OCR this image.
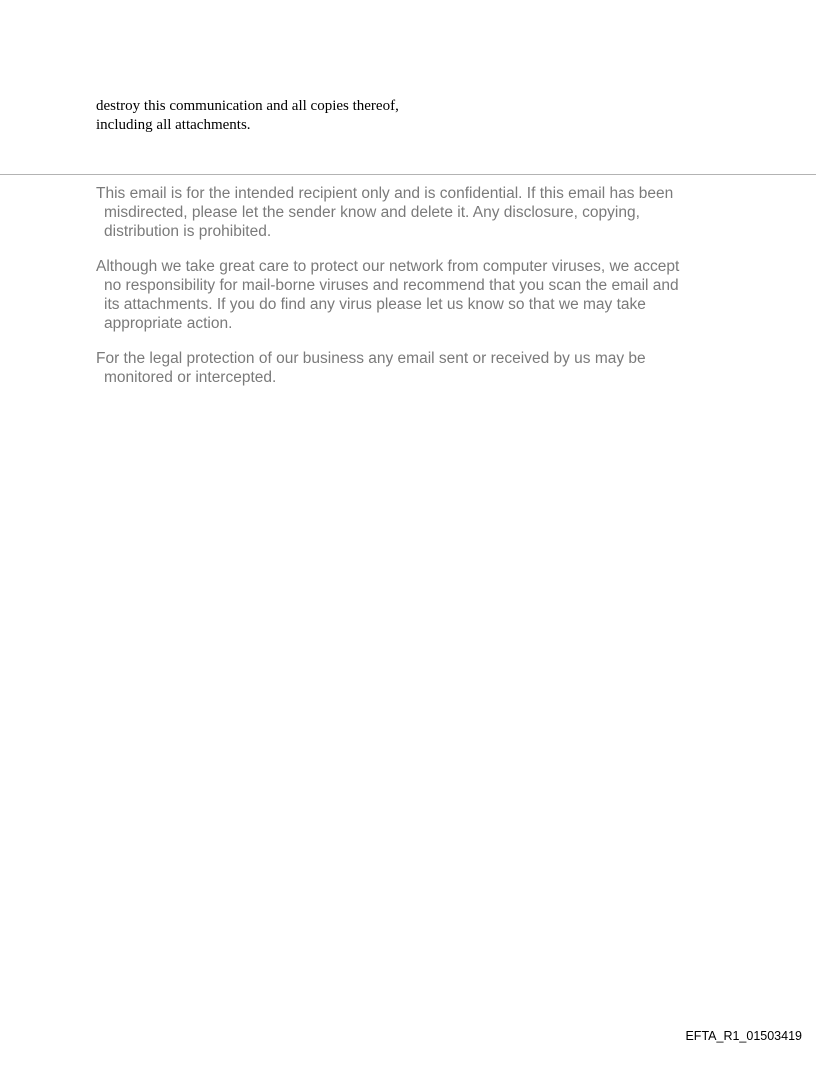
destroy this communication and all copies thereof,
including all attachments.
This email is for the intended recipient only and is confidential. If this email has been
misdirected, please let the sender know and delete it. Any disclosure, copying,
distribution is prohibited.
Although we take great care to protect our network from computer viruses, we accept
no responsibility for mail-borne viruses and recommend that you scan the email and
its attachments. If you do find any virus please let us know so that we may take
appropriate action.
For the legal protection of our business any email sent or received by us may be
monitored or intercepted.
EFTA_R1_01503419
